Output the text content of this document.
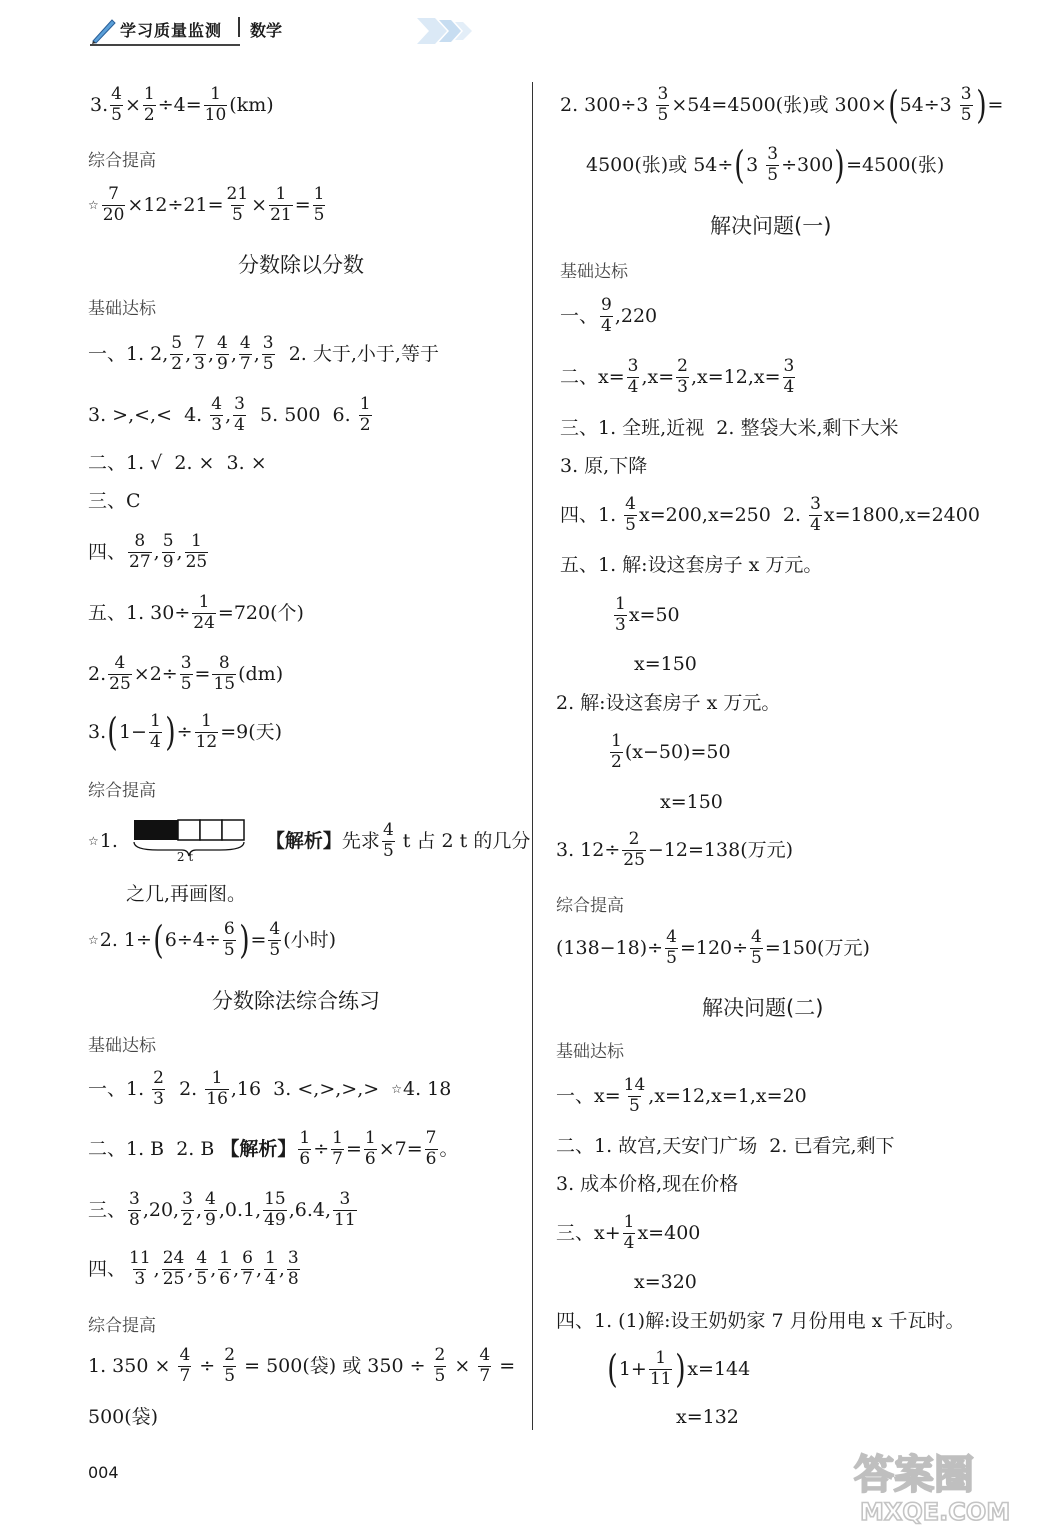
学习质量监测 数学
3. $\frac{4}{5} \times \frac{1}{2} \div 4= \frac{1}{10} (km)$
综合提高
☆ $\frac{7}{20} \times 12\div 21= \frac{21}{5} \times \frac{1}{21} = \frac{1}{5}$
分数除以分数
基础达标
一、1. 2, $\frac{5}{2}$ , $\frac{7}{3}$ , $\frac{4}{9}$ , $\frac{4}{7}$ , $\frac{3}{5} 2$. 大于,小于,等于
3. >,<,<  4. $\frac{4}{3}$ , $\frac{3}{4} 5$. 500  6. $\frac{1}{2}$
二、1. √  2. ×  3. ×
三、C
四、 $\frac{8}{27}$ , $\frac{5}{9}$ , $\frac{1}{25}$
五、1. $30\div \frac{1}{24} =720$(个)
2. $\frac{4}{25} \times 2\div \frac{3}{5} = \frac{8}{15} (dm)$
3. ( $1- \frac{1}{4}$ ) ÷ $\frac{1}{12} =9$(天)
综合提高
☆ 1.
2 t
【解析】 先求 $\frac{4}{5}$ t 占 2 t 的几分
之几,再画图。
☆ 2. 1÷ ( $6\div 4\div \frac{6}{5}$ ) = $\frac{4}{5}$ (小时)
分数除法综合练习
基础达标
一、1. $\frac{2}{3} 2$. $\frac{1}{16} ,16$  3. <,>,>,> ☆ 4. 18
二、1. B  2. B 【解析】 $\frac{1}{6} \div \frac{1}{7} = \frac{1}{6} \times 7= \frac{7}{6}$ 。
三、 $\frac{3}{8} ,20$, $\frac{3}{2}$ , $\frac{4}{9} ,0.1$, $\frac{15}{49} ,6.4$, $\frac{3}{11}$
四、 $\frac{11}{3}$ , $\frac{24}{25}$ , $\frac{4}{5}$ , $\frac{1}{6}$ , $\frac{6}{7}$ , $\frac{1}{4}$ , $\frac{3}{8}$
综合提高
1. $350 \times \frac{4}{7} \div \frac{2}{5} = 500$(袋) 或 $350 \div \frac{2}{5} \times \frac{4}{7}$ =
500(袋)
2. $300\div 3 \frac{3}{5} \times 54=4500$(张)或 300× ( $54\div 3 \frac{3}{5}$ ) =
4500(张)或 54÷ ( $3 \frac{3}{5} \div 300$ ) =4500(张)
解决问题(一)
基础达标
一、 $\frac{9}{4} ,220$
二、$x= \frac{3}{4} ,x= \frac{2}{3} ,x=12,x= \frac{3}{4}$
三、1. 全班,近视  2. 整袋大米,剩下大米
3. 原,下降
四、1. $\frac{4}{5} x=200,x=250$  2. $\frac{3}{4} x=1800,x=2400$
五、1. 解:设这套房子 x 万元。
$\frac{1}{3} x=50$
x=150
2. 解:设这套房子 x 万元。
$\frac{1}{2} (x-50)=50$
x=150
3. $12\div \frac{2}{25} -12=138$(万元)
综合提高
$(138-18)\div \frac{4}{5} =120\div \frac{4}{5} =150$(万元)
解决问题(二)
基础达标
一、$x= \frac{14}{5} ,x=12,x=1,x=20$
二、1. 故宫,天安门广场  2. 已看完,剩下
3. 成本价格,现在价格
三、$x+ \frac{1}{4} x=400$
x=320
四、1. (1)解:设王奶奶家 7 月份用电 x 千瓦时。
( $1+ \frac{1}{11}$ ) x=144
x=132
004	答案圈
MXQE.COM
